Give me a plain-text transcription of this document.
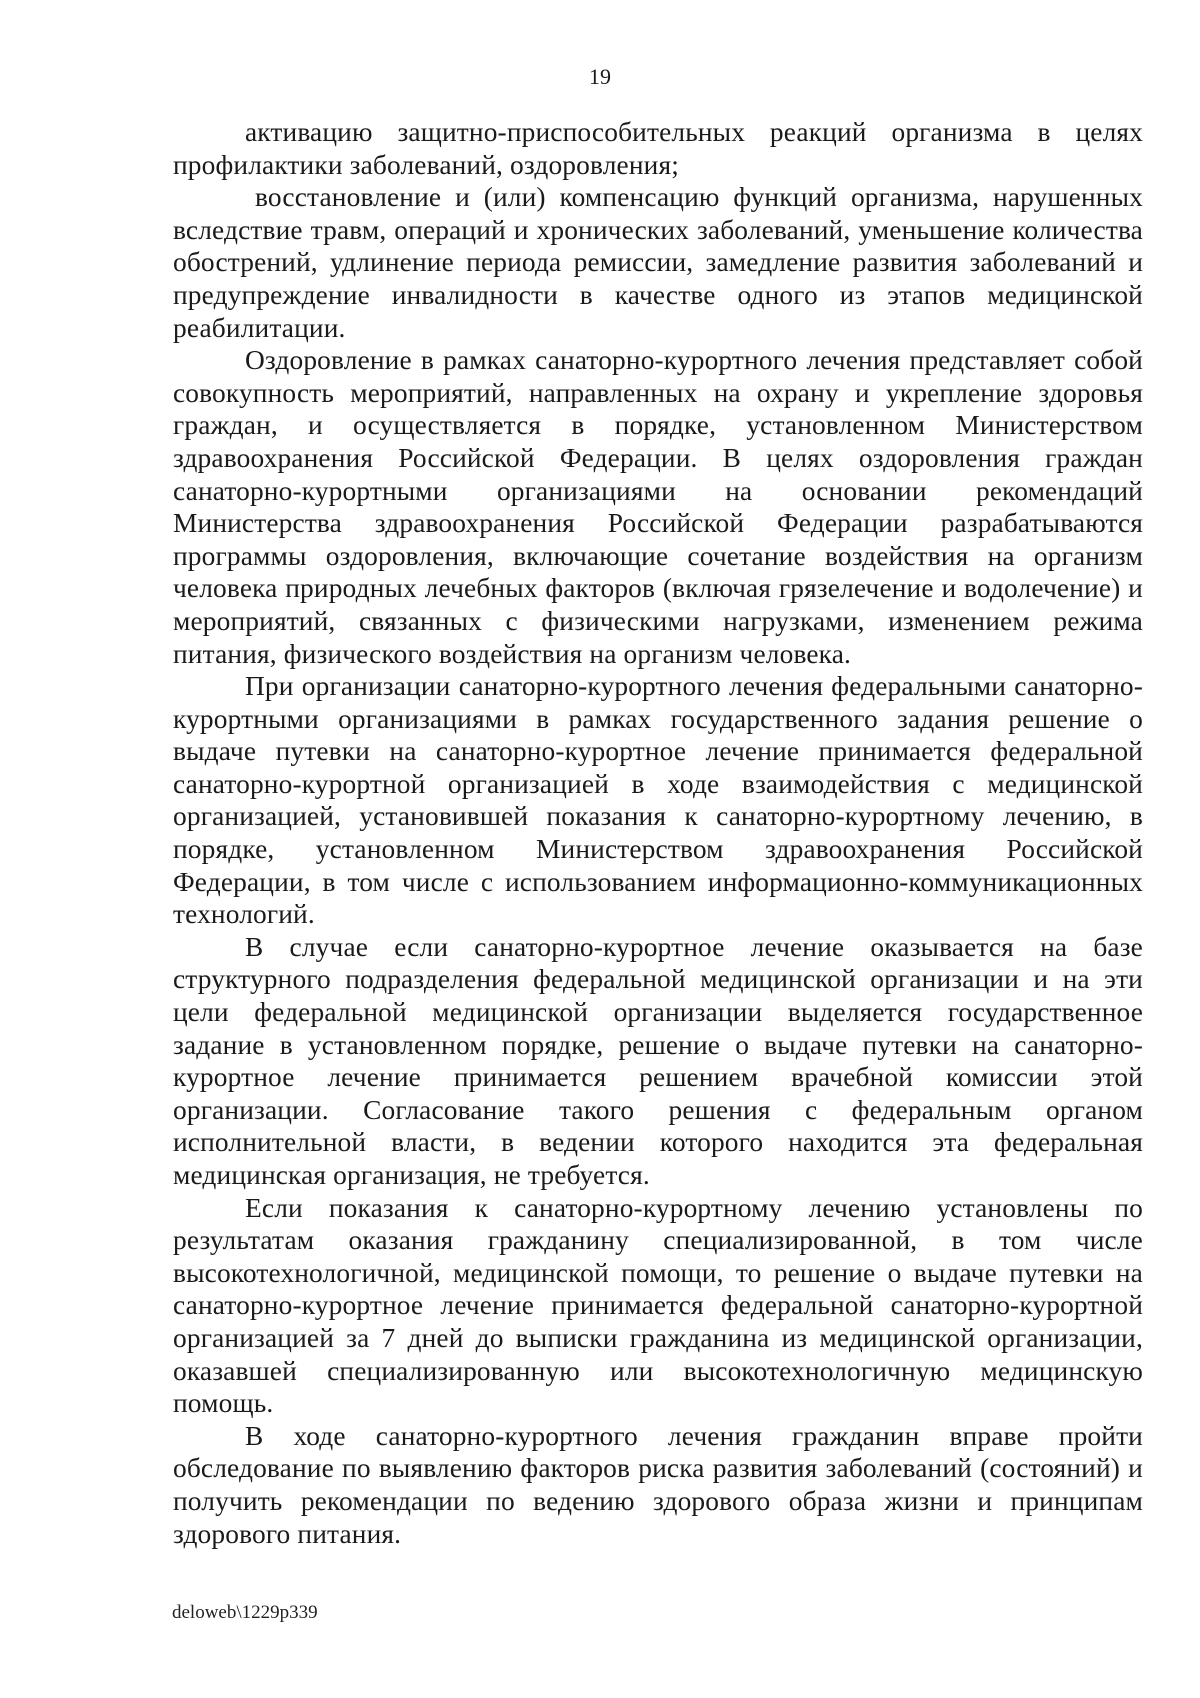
19

активацию защитно-приспособительных реакций организма в целях профилактики заболеваний, оздоровления;

восстановление и (или) компенсацию функций организма, нарушенных вследствие травм, операций и хронических заболеваний, уменьшение количества обострений, удлинение периода ремиссии, замедление развития заболеваний и предупреждение инвалидности в качестве одного из этапов медицинской реабилитации.

Оздоровление в рамках санаторно-курортного лечения представляет собой совокупность мероприятий, направленных на охрану и укрепление здоровья граждан, и осуществляется в порядке, установленном Министерством здравоохранения Российской Федерации. В целях оздоровления граждан санаторно-курортными организациями на основании рекомендаций Министерства здравоохранения Российской Федерации разрабатываются программы оздоровления, включающие сочетание воздействия на организм человека природных лечебных факторов (включая грязелечение и водолечение) и мероприятий, связанных с физическими нагрузками, изменением режима питания, физического воздействия на организм человека.

При организации санаторно-курортного лечения федеральными санаторно-курортными организациями в рамках государственного задания решение о выдаче путевки на санаторно-курортное лечение принимается федеральной санаторно-курортной организацией в ходе взаимодействия с медицинской организацией, установившей показания к санаторно-курортному лечению, в порядке, установленном Министерством здравоохранения Российской Федерации, в том числе с использованием информационно-коммуникационных технологий.

В случае если санаторно-курортное лечение оказывается на базе структурного подразделения федеральной медицинской организации и на эти цели федеральной медицинской организации выделяется государственное задание в установленном порядке, решение о выдаче путевки на санаторно-курортное лечение принимается решением врачебной комиссии этой организации. Согласование такого решения с федеральным органом исполнительной власти, в ведении которого находится эта федеральная медицинская организация, не требуется.

Если показания к санаторно-курортному лечению установлены по результатам оказания гражданину специализированной, в том числе высокотехнологичной, медицинской помощи, то решение о выдаче путевки на санаторно-курортное лечение принимается федеральной санаторно-курортной организацией за 7 дней до выписки гражданина из медицинской организации, оказавшей специализированную или высокотехнологичную медицинскую помощь.

В ходе санаторно-курортного лечения гражданин вправе пройти обследование по выявлению факторов риска развития заболеваний (состояний) и получить рекомендации по ведению здорового образа жизни и принципам здорового питания.

deloweb\1229p339
